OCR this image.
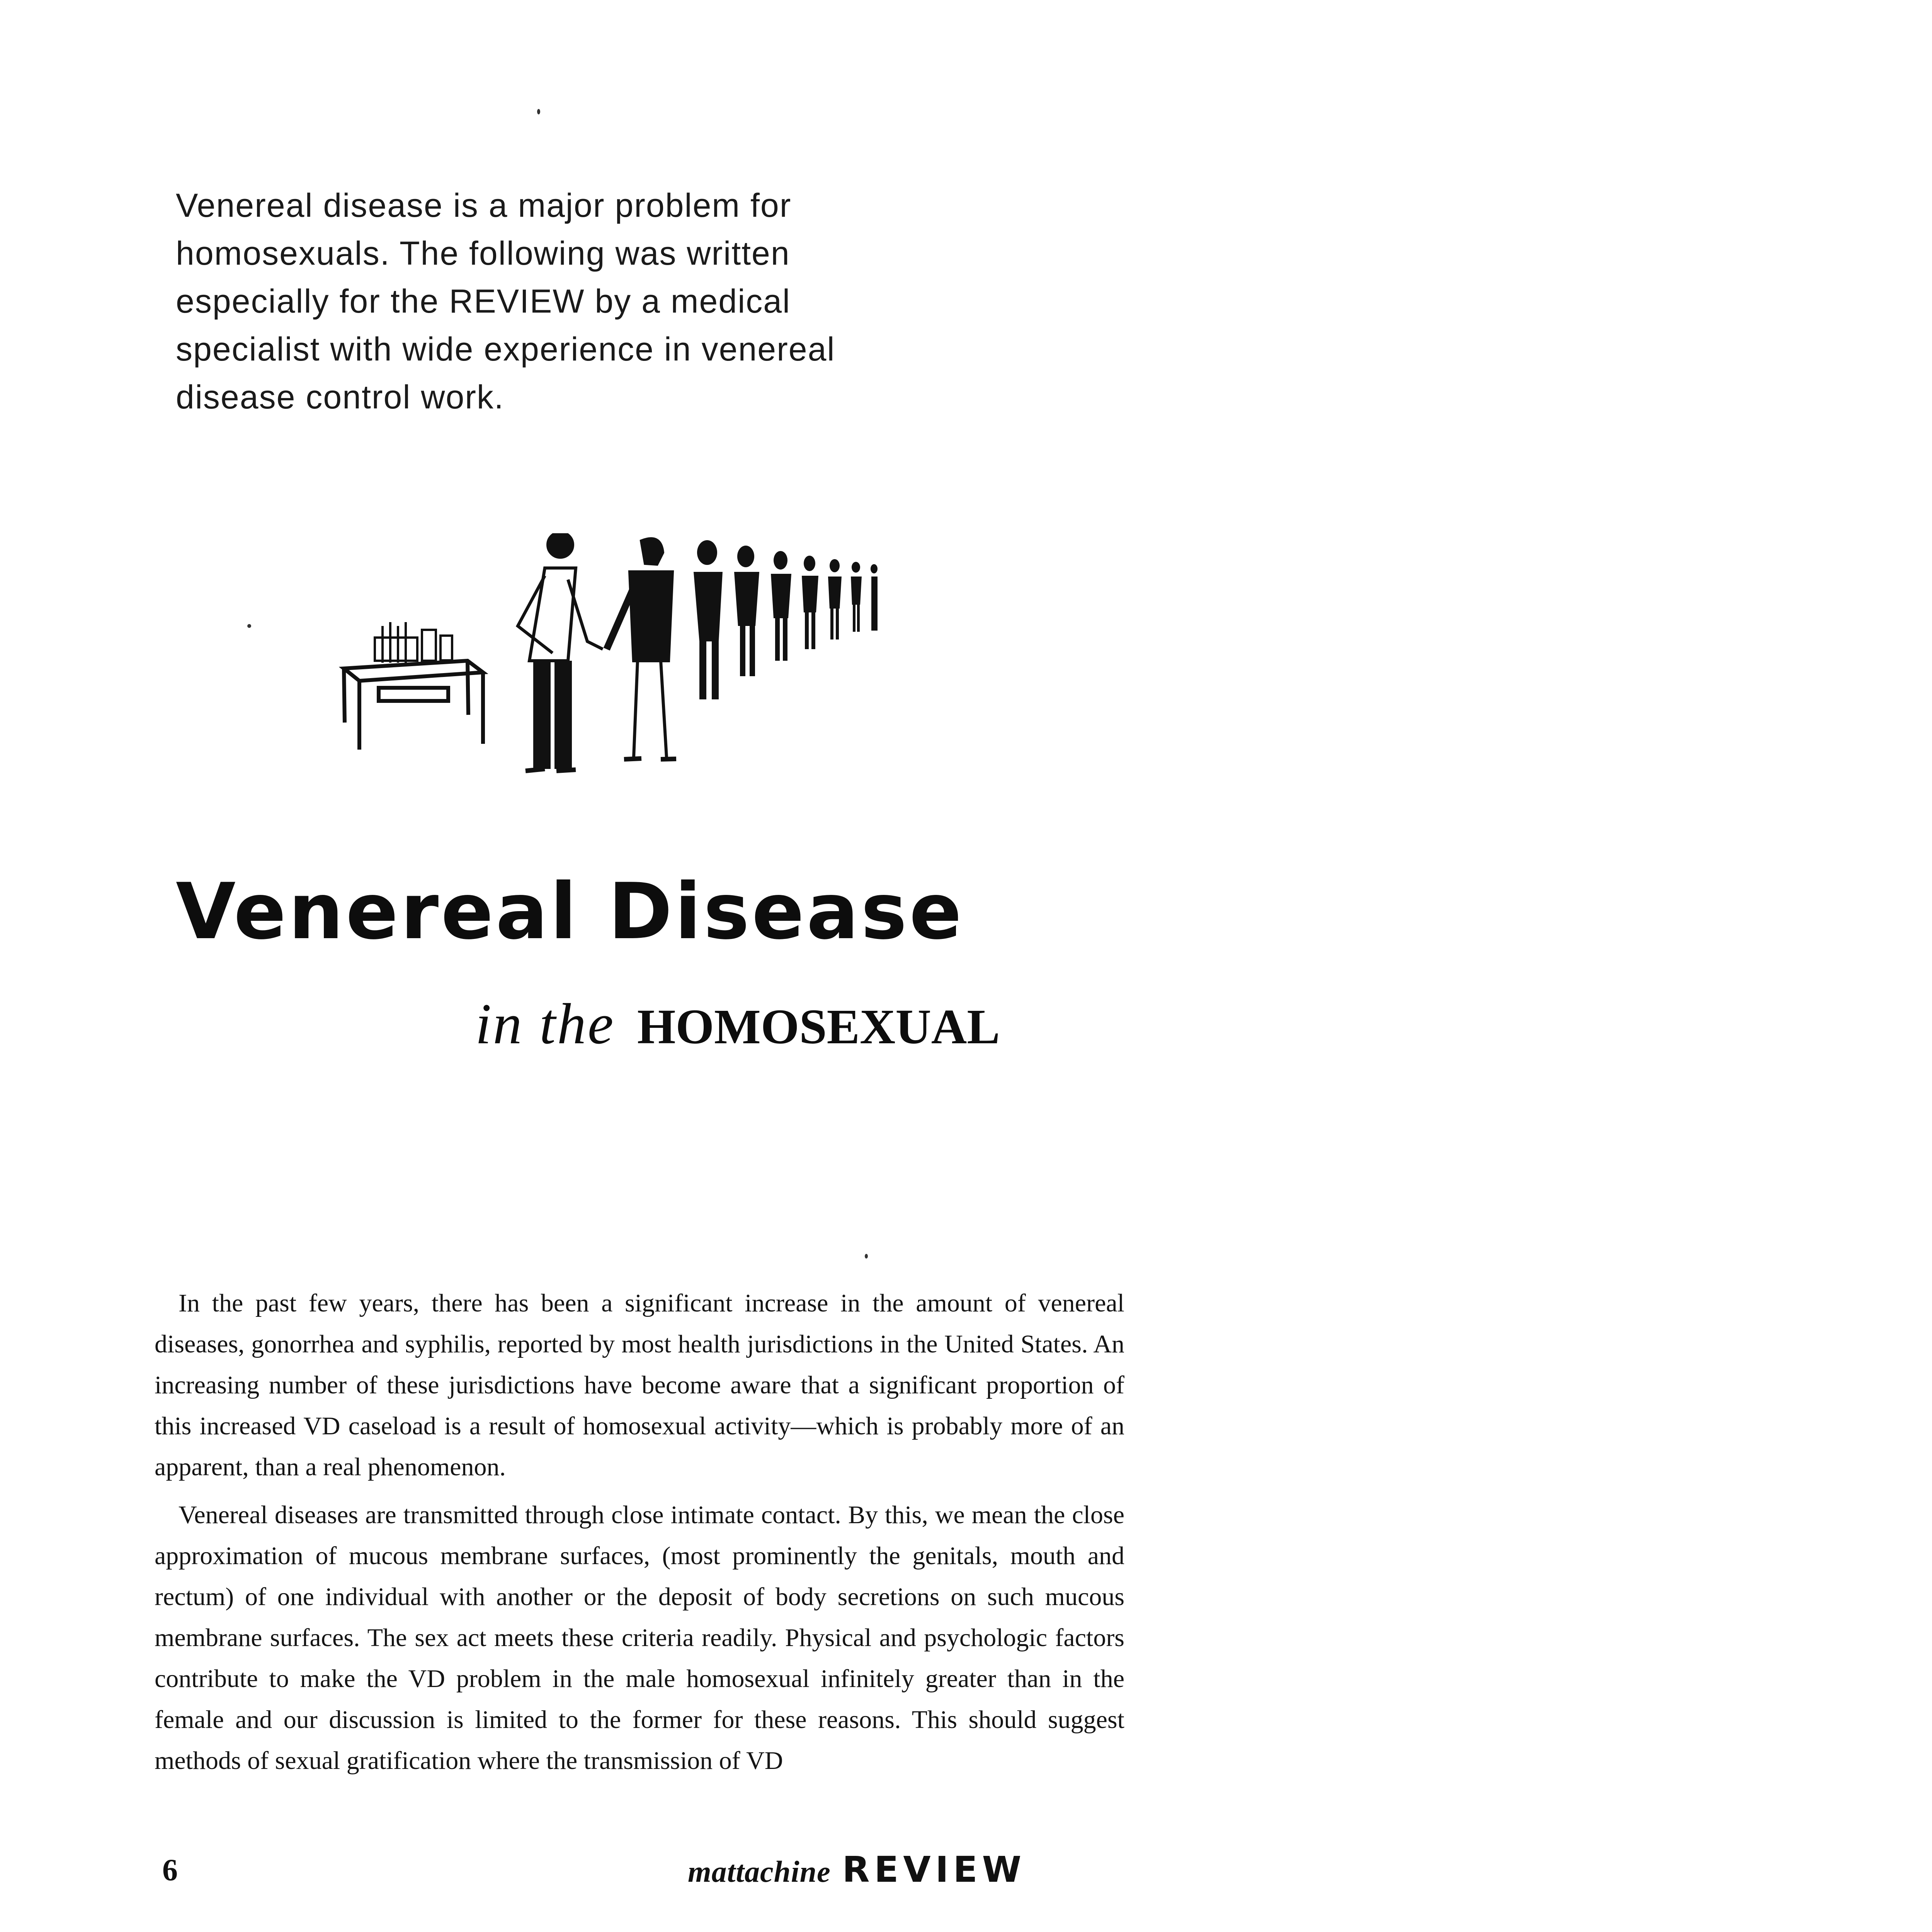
Venereal disease is a major problem for homosexuals. The following was written especially for the REVIEW by a medical specialist with wide experience in venereal disease control work.
Venereal Disease
in the HOMOSEXUAL

In the past few years, there has been a significant increase in the amount of venereal diseases, gonorrhea and syphilis, reported by most health jurisdictions in the United States. An increasing number of these jurisdictions have become aware that a significant proportion of this increased VD caseload is a result of homosexual activity—which is probably more of an apparent, than a real phenomenon.

Venereal diseases are transmitted through close intimate contact. By this, we mean the close approximation of mucous membrane surfaces, (most prominently the genitals, mouth and rectum) of one individual with another or the deposit of body secretions on such mucous membrane surfaces. The sex act meets these criteria readily. Physical and psychologic factors contribute to make the VD problem in the male homosexual infinitely greater than in the female and our discussion is limited to the former for these reasons. This should suggest methods of sexual gratification where the transmission of VD

6	mattachine REVIEW
